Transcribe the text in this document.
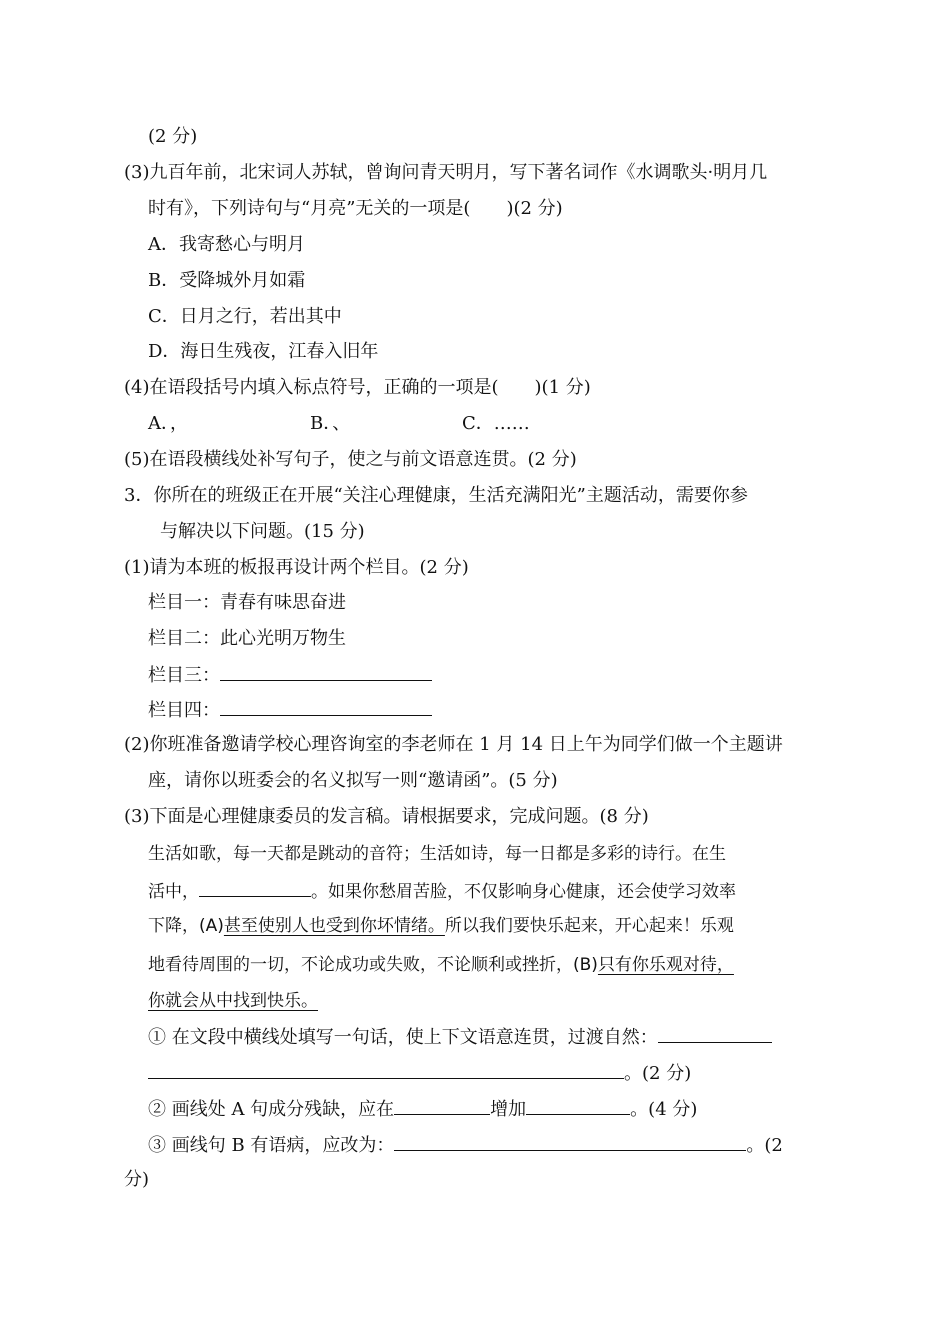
(2 分)
(3)九百年前，北宋词人苏轼，曾询问青天明月，写下著名词作《水调歌头·明月几
时有》，下列诗句与“月亮”无关的一项是( )(2 分)
A．我寄愁心与明月
B．受降城外月如霜
C．日月之行，若出其中
D．海日生残夜，江春入旧年
(4)在语段括号内填入标点符号，正确的一项是( )(1 分)
A．，	B．、	C．……
(5)在语段横线处补写句子，使之与前文语意连贯。(2 分)
3．你所在的班级正在开展“关注心理健康，生活充满阳光”主题活动，需要你参
与解决以下问题。(15 分)
(1)请为本班的板报再设计两个栏目。(2 分)
栏目一：青春有味思奋进
栏目二：此心光明万物生
栏目三：
栏目四：
(2)你班准备邀请学校心理咨询室的李老师在 1 月 14 日上午为同学们做一个主题讲
座，请你以班委会的名义拟写一则“邀请函”。(5 分)
(3)下面是心理健康委员的发言稿。请根据要求，完成问题。(8 分)
生活如歌，每一天都是跳动的音符；生活如诗，每一日都是多彩的诗行。在生
活中，	。如果你愁眉苦脸，不仅影响身心健康，还会使学习效率
下降，(A)甚至使别人也受到你坏情绪。所以我们要快乐起来，开心起来！乐观
地看待周围的一切，不论成功或失败，不论顺利或挫折，(B)只有你乐观对待，
你就会从中找到快乐。
① 在文段中横线处填写一句话，使上下文语意连贯，过渡自然：
。(2 分)
② 画线处 A 句成分残缺，应在	增加	。(4 分)
③ 画线句 B 有语病，应改为：	。(2
分)
